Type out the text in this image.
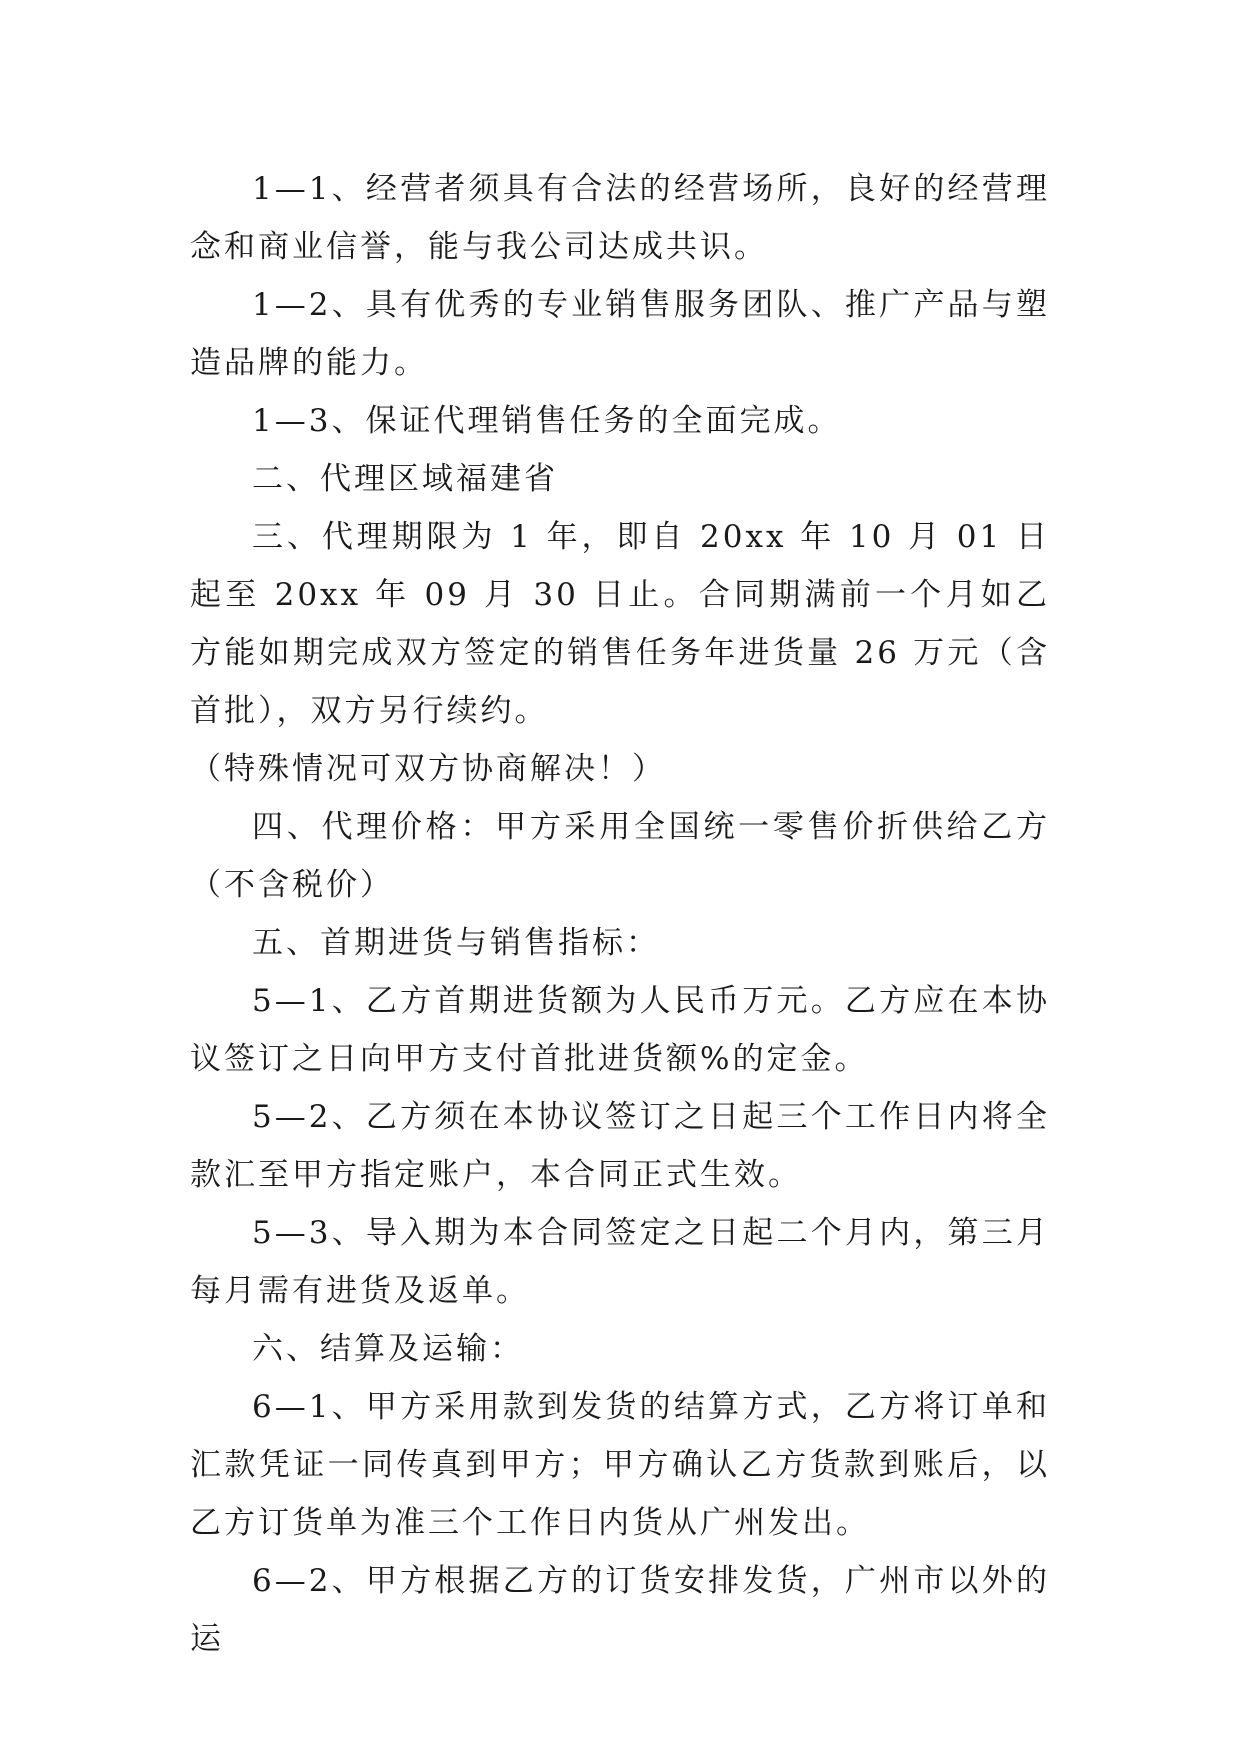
1—1、经营者须具有合法的经营场所，良好的经营理念和商业信誉，能与我公司达成共识。

1—2、具有优秀的专业销售服务团队、推广产品与塑造品牌的能力。

1—3、保证代理销售任务的全面完成。

二、代理区域福建省

三、代理期限为 1 年，即自 20xx 年 10 月 01 日起至 20xx 年 09 月 30 日止。合同期满前一个月如乙方能如期完成双方签定的销售任务年进货量 26 万元（含首批），双方另行续约。

（特殊情况可双方协商解决！）

四、代理价格：甲方采用全国统一零售价折供给乙方（不含税价）

五、首期进货与销售指标：

5—1、乙方首期进货额为人民币万元。乙方应在本协议签订之日向甲方支付首批进货额%的定金。

5—2、乙方须在本协议签订之日起三个工作日内将全款汇至甲方指定账户，本合同正式生效。

5—3、导入期为本合同签定之日起二个月内，第三月每月需有进货及返单。

六、结算及运输：

6—1、甲方采用款到发货的结算方式，乙方将订单和汇款凭证一同传真到甲方；甲方确认乙方货款到账后，以乙方订货单为准三个工作日内货从广州发出。

6—2、甲方根据乙方的订货安排发货，广州市以外的运
